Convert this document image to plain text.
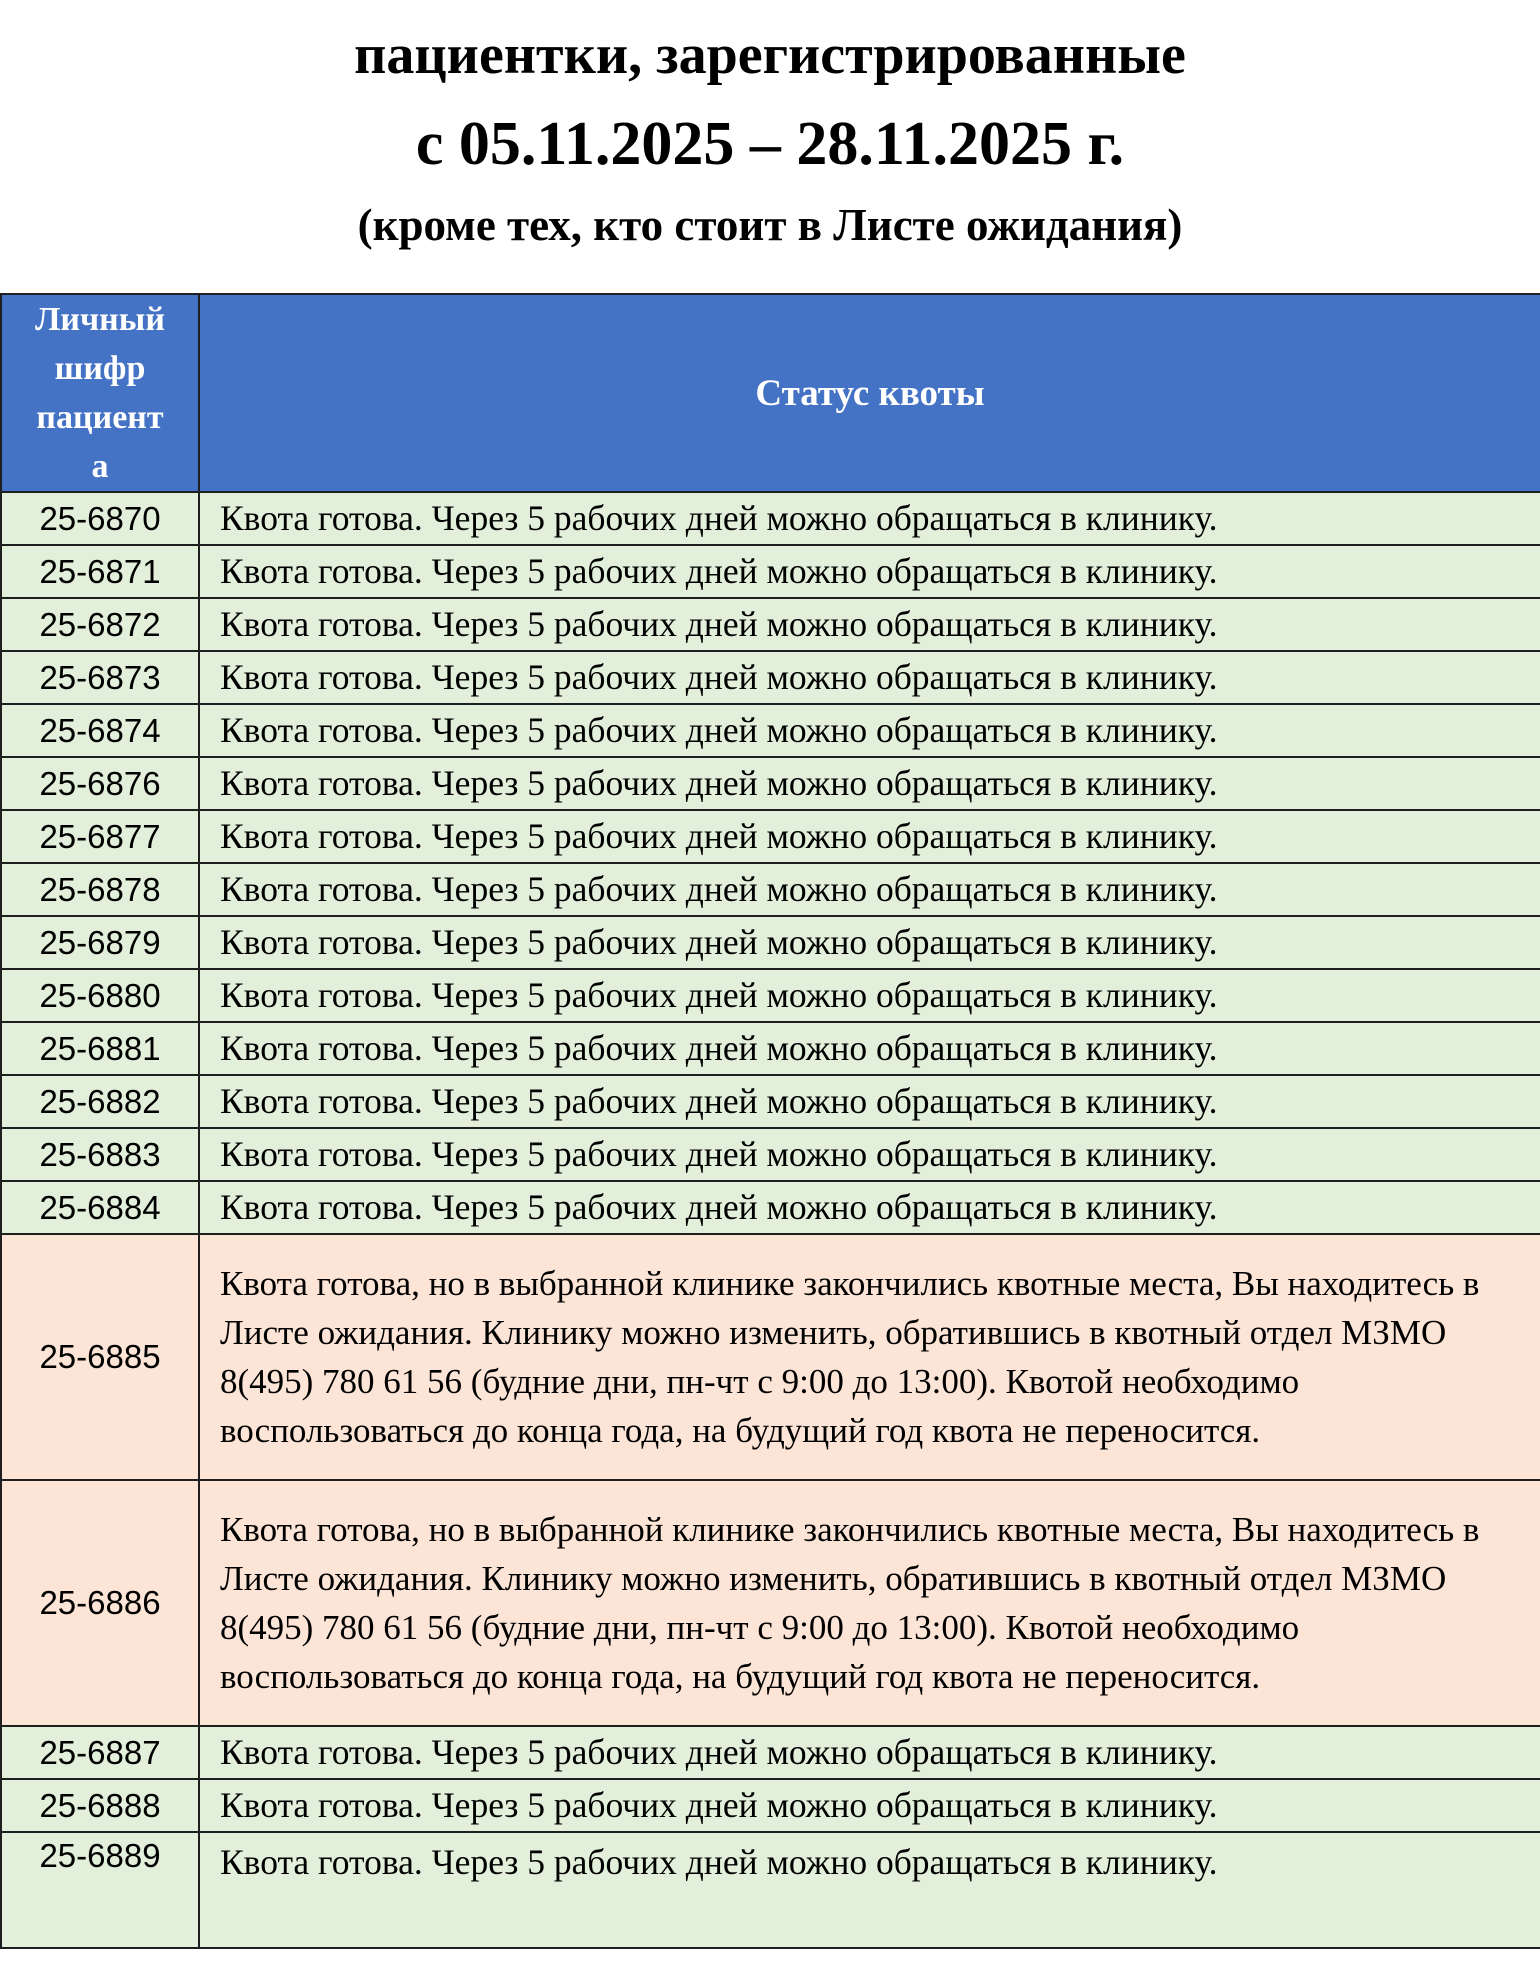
пациентки, зарегистрированные
с 05.11.2025 – 28.11.2025 г.
(кроме тех, кто стоит в Листе ожидания)
Личный
шифр
пациент
а	Статус квоты
25-6870	Квота готова. Через 5 рабочих дней можно обращаться в клинику.
25-6871	Квота готова. Через 5 рабочих дней можно обращаться в клинику.
25-6872	Квота готова. Через 5 рабочих дней можно обращаться в клинику.
25-6873	Квота готова. Через 5 рабочих дней можно обращаться в клинику.
25-6874	Квота готова. Через 5 рабочих дней можно обращаться в клинику.
25-6876	Квота готова. Через 5 рабочих дней можно обращаться в клинику.
25-6877	Квота готова. Через 5 рабочих дней можно обращаться в клинику.
25-6878	Квота готова. Через 5 рабочих дней можно обращаться в клинику.
25-6879	Квота готова. Через 5 рабочих дней можно обращаться в клинику.
25-6880	Квота готова. Через 5 рабочих дней можно обращаться в клинику.
25-6881	Квота готова. Через 5 рабочих дней можно обращаться в клинику.
25-6882	Квота готова. Через 5 рабочих дней можно обращаться в клинику.
25-6883	Квота готова. Через 5 рабочих дней можно обращаться в клинику.
25-6884	Квота готова. Через 5 рабочих дней можно обращаться в клинику.
25-6885	Квота готова, но в выбранной клинике закончились квотные места, Вы находитесь в Листе ожидания. Клинику можно изменить, обратившись в квотный отдел МЗМО 8(495) 780 61 56 (будние дни, пн-чт с 9:00 до 13:00). Квотой необходимо воспользоваться до конца года, на будущий год квота не переносится.
25-6886	Квота готова, но в выбранной клинике закончились квотные места, Вы находитесь в Листе ожидания. Клинику можно изменить, обратившись в квотный отдел МЗМО 8(495) 780 61 56 (будние дни, пн-чт с 9:00 до 13:00). Квотой необходимо воспользоваться до конца года, на будущий год квота не переносится.
25-6887	Квота готова. Через 5 рабочих дней можно обращаться в клинику.
25-6888	Квота готова. Через 5 рабочих дней можно обращаться в клинику.
25-6889	Квота готова. Через 5 рабочих дней можно обращаться в клинику.
